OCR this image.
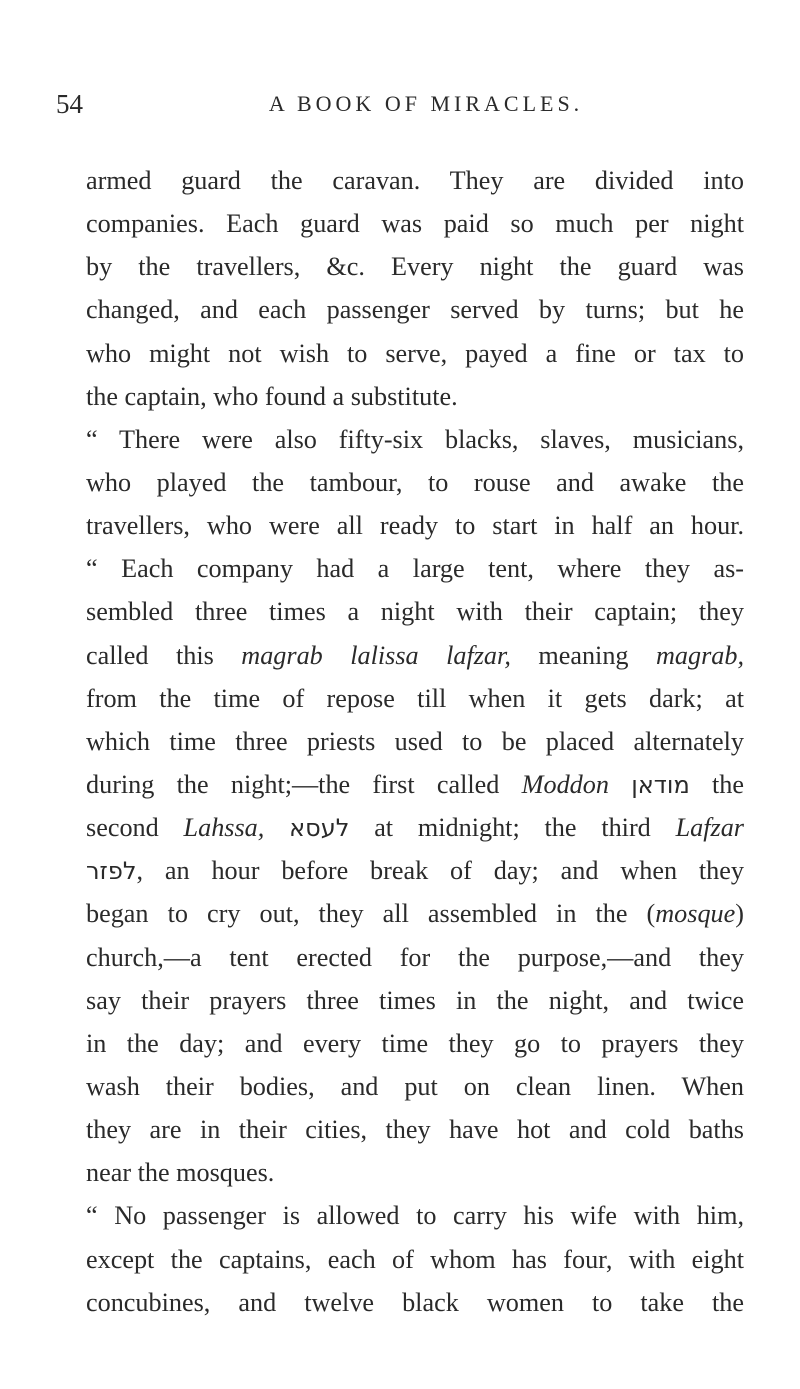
54	A BOOK OF MIRACLES.
armed guard the caravan. They are divided into
companies. Each guard was paid so much per night
by the travellers, &c. Every night the guard was
changed, and each passenger served by turns; but he
who might not wish to serve, payed a fine or tax to
the captain, who found a substitute.
“ There were also fifty-six blacks, slaves, musicians,
who played the tambour, to rouse and awake the
travellers, who were all ready to start in half an hour.
“ Each company had a large tent, where they as-
sembled three times a night with their captain; they
called this magrab lalissa lafzar, meaning magrab,
from the time of repose till when it gets dark; at
which time three priests used to be placed alternately
during the night;—the first called Moddon מודאן the
second Lahssa, לעסא at midnight; the third Lafzar
לפזר, an hour before break of day; and when they
began to cry out, they all assembled in the (mosque)
church,—a tent erected for the purpose,—and they
say their prayers three times in the night, and twice
in the day; and every time they go to prayers they
wash their bodies, and put on clean linen. When
they are in their cities, they have hot and cold baths
near the mosques.
“ No passenger is allowed to carry his wife with him,
except the captains, each of whom has four, with eight
concubines, and twelve black women to take the
